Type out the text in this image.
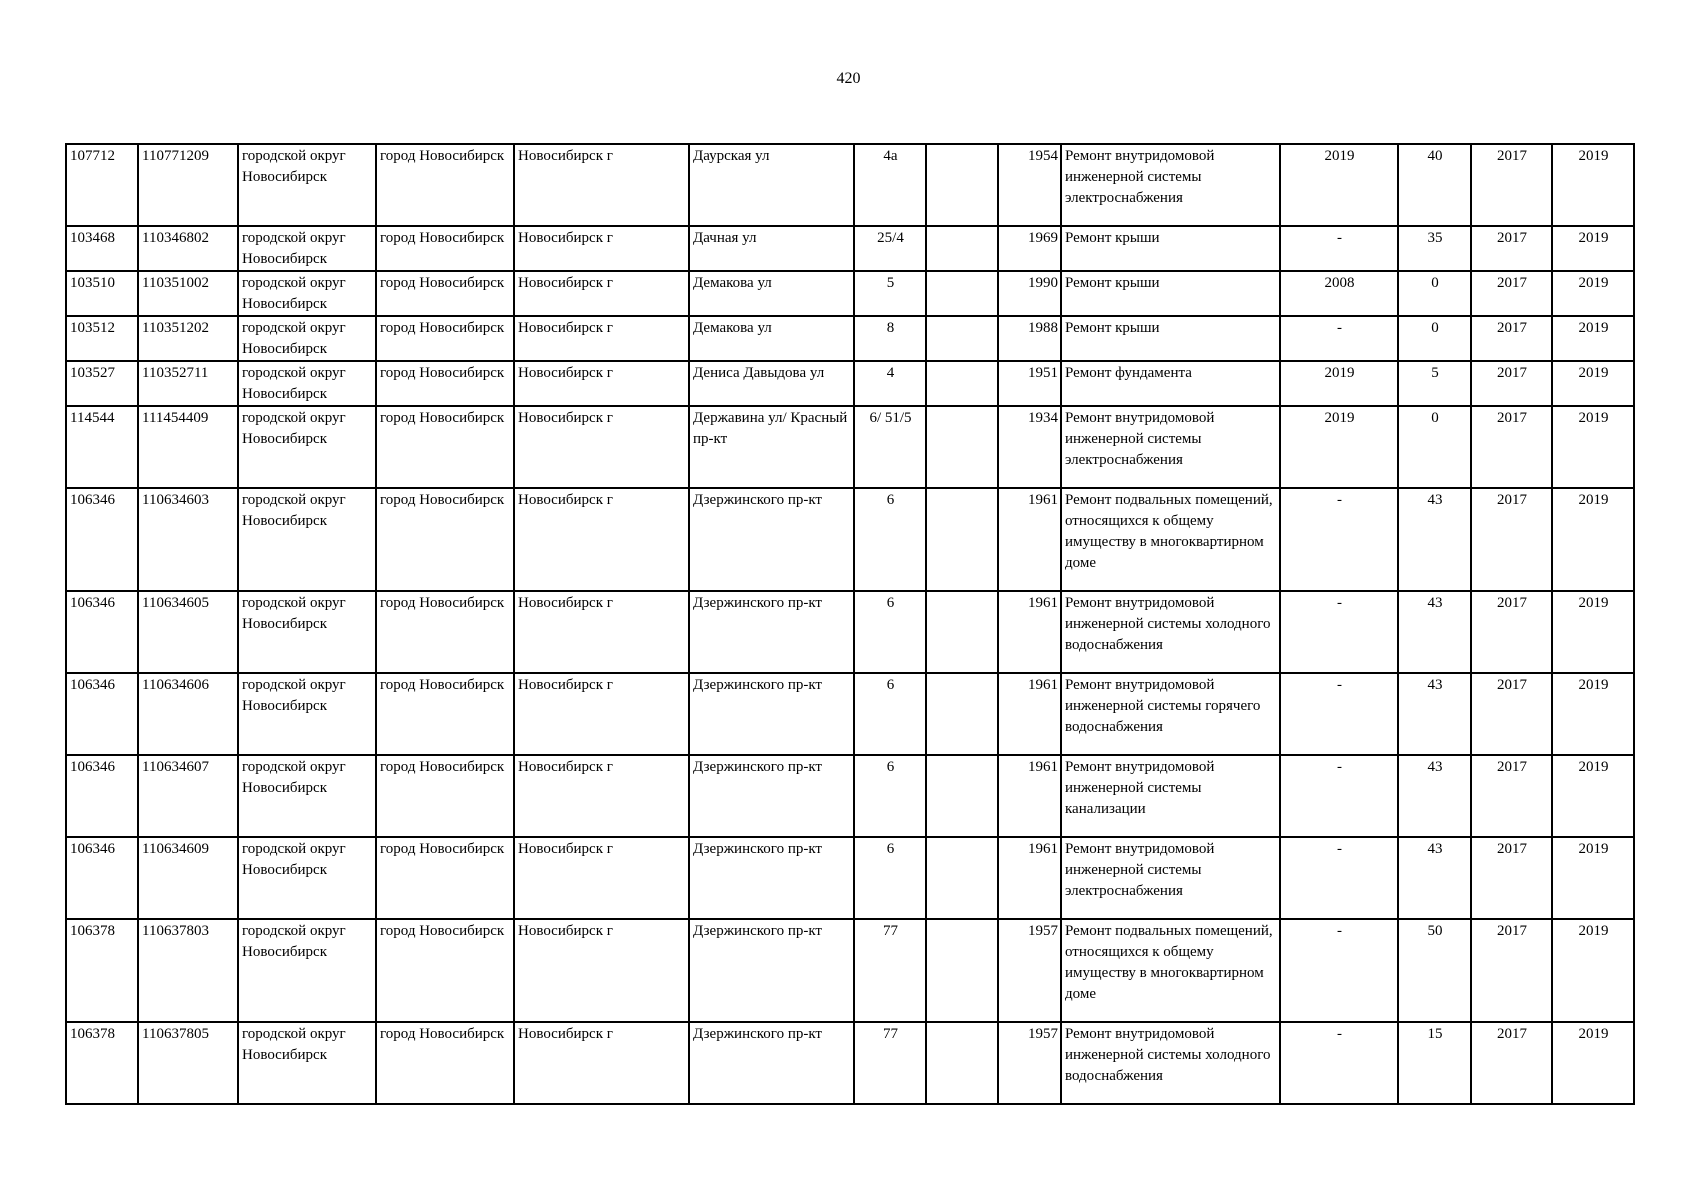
420
107712	110771209	городской округ Новосибирск	город Новосибирск	Новосибирск г	Даурская ул	4а		1954	Ремонт внутридомовой инженерной системы электроснабжения	2019	40	2017	2019
103468	110346802	городской округ Новосибирск	город Новосибирск	Новосибирск г	Дачная ул	25/4		1969	Ремонт крыши	-	35	2017	2019
103510	110351002	городской округ Новосибирск	город Новосибирск	Новосибирск г	Демакова ул	5		1990	Ремонт крыши	2008	0	2017	2019
103512	110351202	городской округ Новосибирск	город Новосибирск	Новосибирск г	Демакова ул	8		1988	Ремонт крыши	-	0	2017	2019
103527	110352711	городской округ Новосибирск	город Новосибирск	Новосибирск г	Дениса Давыдова ул	4		1951	Ремонт фундамента	2019	5	2017	2019
114544	111454409	городской округ Новосибирск	город Новосибирск	Новосибирск г	Державина ул/ Красный пр-кт	6/ 51/5		1934	Ремонт внутридомовой инженерной системы электроснабжения	2019	0	2017	2019
106346	110634603	городской округ Новосибирск	город Новосибирск	Новосибирск г	Дзержинского пр-кт	6		1961	Ремонт подвальных помещений, относящихся к общему имуществу в многоквартирном доме	-	43	2017	2019
106346	110634605	городской округ Новосибирск	город Новосибирск	Новосибирск г	Дзержинского пр-кт	6		1961	Ремонт внутридомовой инженерной системы холодного водоснабжения	-	43	2017	2019
106346	110634606	городской округ Новосибирск	город Новосибирск	Новосибирск г	Дзержинского пр-кт	6		1961	Ремонт внутридомовой инженерной системы горячего водоснабжения	-	43	2017	2019
106346	110634607	городской округ Новосибирск	город Новосибирск	Новосибирск г	Дзержинского пр-кт	6		1961	Ремонт внутридомовой инженерной системы канализации	-	43	2017	2019
106346	110634609	городской округ Новосибирск	город Новосибирск	Новосибирск г	Дзержинского пр-кт	6		1961	Ремонт внутридомовой инженерной системы электроснабжения	-	43	2017	2019
106378	110637803	городской округ Новосибирск	город Новосибирск	Новосибирск г	Дзержинского пр-кт	77		1957	Ремонт подвальных помещений, относящихся к общему имуществу в многоквартирном доме	-	50	2017	2019
106378	110637805	городской округ Новосибирск	город Новосибирск	Новосибирск г	Дзержинского пр-кт	77		1957	Ремонт внутридомовой инженерной системы холодного водоснабжения	-	15	2017	2019
